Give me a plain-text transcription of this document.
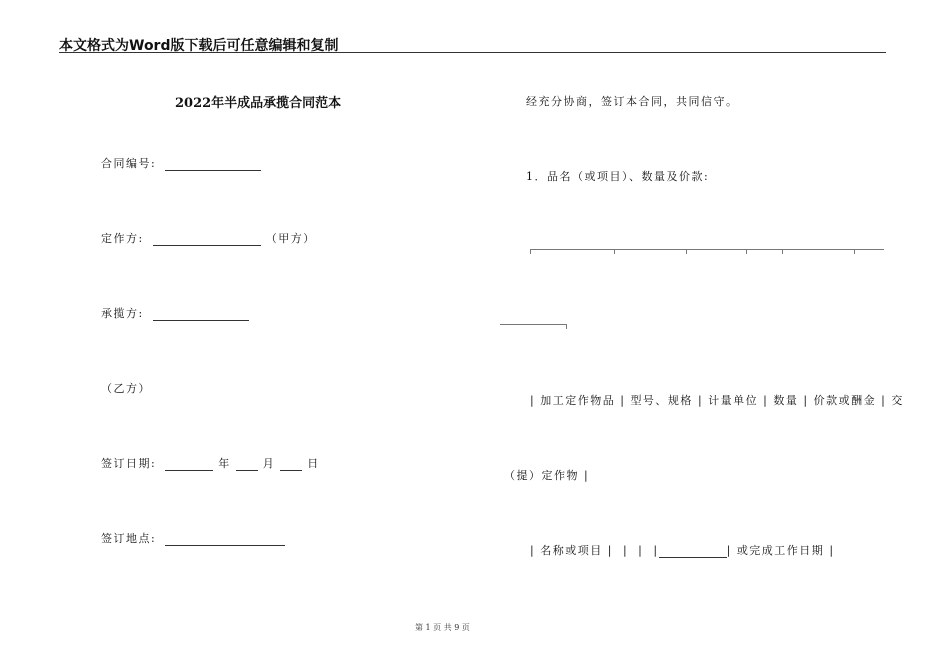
本文格式为Word版下载后可任意编辑和复制
2022年半成品承揽合同范本
合同编号:
定作方:	（甲方）
承揽方:
（乙方）
签订日期:	年	月	日
签订地点:
经充分协商，签订本合同，共同信守。
1．品名（或项目）、数量及价款:
| 加工定作物品 | 型号、规格 | 计量单位 | 数量 | 价款或酬金 | 交
（提）定作物 |
| 名称或项目 | | | |	| 或完成工作日期 |
第 1 页 共 9 页
